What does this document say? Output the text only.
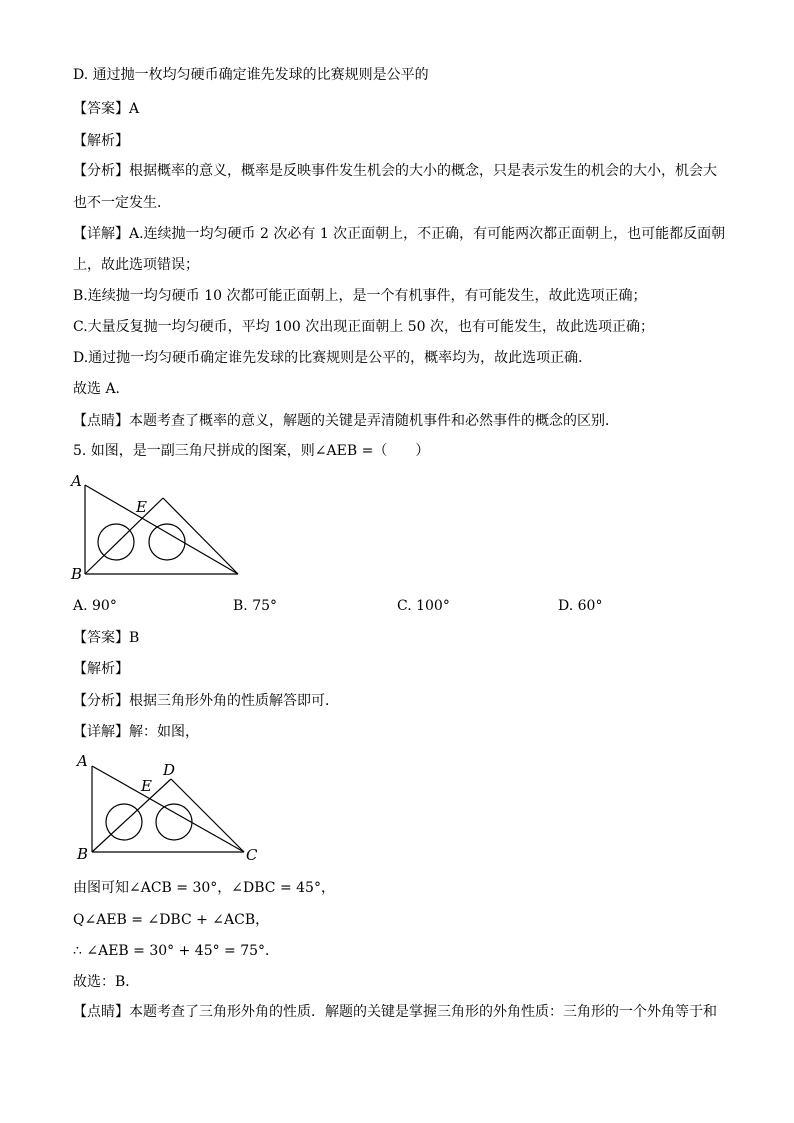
D. 通过抛一枚均匀硬币确定谁先发球的比赛规则是公平的
【答案】A
【解析】
【分析】根据概率的意义，概率是反映事件发生机会的大小的概念，只是表示发生的机会的大小，机会大
也不一定发生．
【详解】A.连续抛一均匀硬币 2 次必有 1 次正面朝上，不正确，有可能两次都正面朝上，也可能都反面朝
上，故此选项错误；
B.连续抛一均匀硬币 10 次都可能正面朝上，是一个有机事件，有可能发生，故此选项正确；
C.大量反复抛一均匀硬币，平均 100 次出现正面朝上 50 次，也有可能发生，故此选项正确；
D.通过抛一均匀硬币确定谁先发球的比赛规则是公平的，概率均为，故此选项正确．
故选 A.
【点睛】本题考查了概率的意义，解题的关键是弄清随机事件和必然事件的概念的区别．
5. 如图，是一副三角尺拼成的图案，则∠AEB =（　　）
A
B
E
A. 90°	B. 75°	C. 100°	D. 60°
【答案】B
【解析】
【分析】根据三角形外角的性质解答即可．
【详解】解：如图，
A
B	C
D
E
由图可知∠ACB = 30°，∠DBC = 45°，
Q∠AEB = ∠DBC + ∠ACB，
∴ ∠AEB = 30° + 45° = 75°．
故选：B．
【点睛】本题考查了三角形外角的性质．解题的关键是掌握三角形的外角性质：三角形的一个外角等于和
